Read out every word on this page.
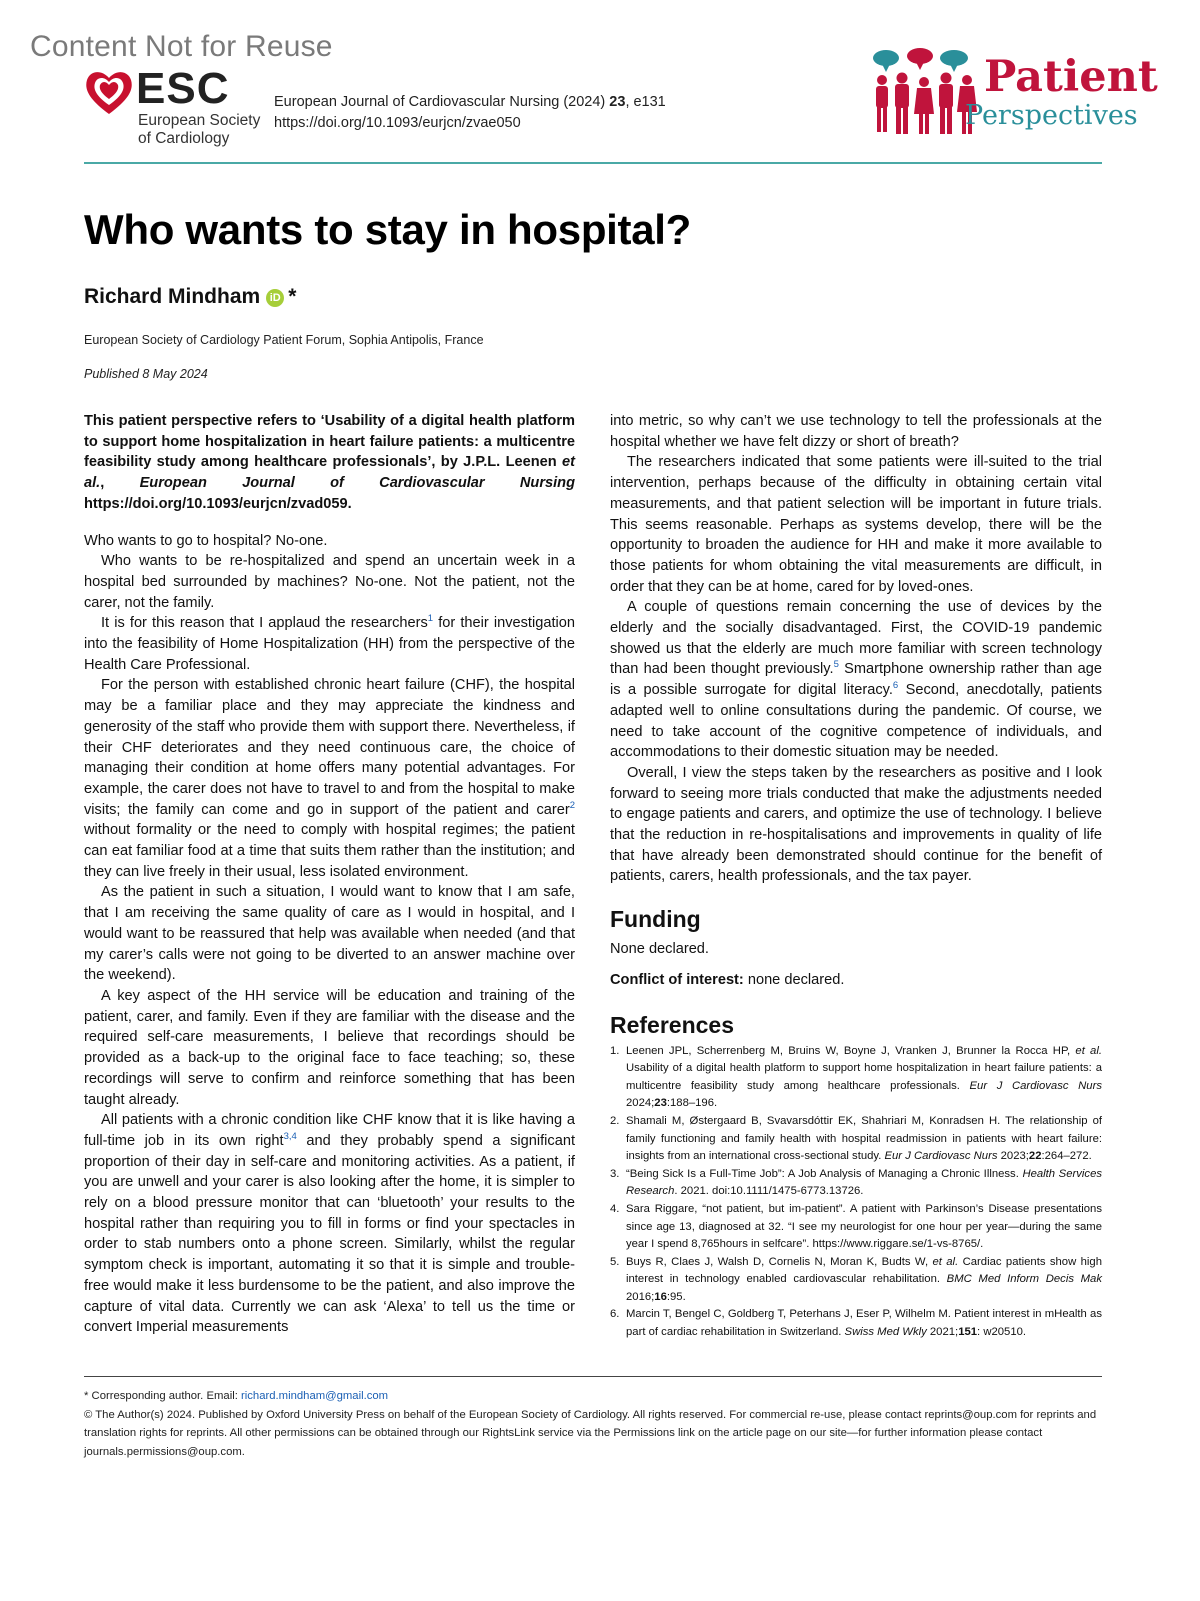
Content Not for Reuse
ESC
European Society
of Cardiology
European Journal of Cardiovascular Nursing (2024) 23, e131
https://doi.org/10.1093/eurjcn/zvae050
Patient
Perspectives
Who wants to stay in hospital?
Richard Mindham iD *
European Society of Cardiology Patient Forum, Sophia Antipolis, France
Published 8 May 2024

This patient perspective refers to ‘Usability of a digital health platform to support home hospitalization in heart failure patients: a multicentre feasibility study among healthcare professionals’, by J.P.L. Leenen et al., European Journal of Cardiovascular Nursing https://doi.org/10.1093/eurjcn/zvad059.

Who wants to go to hospital? No-one.

Who wants to be re-hospitalized and spend an uncertain week in a hospital bed surrounded by machines? No-one. Not the patient, not the carer, not the family.

It is for this reason that I applaud the researchers$^1$ for their investigation into the feasibility of Home Hospitalization (HH) from the perspective of the Health Care Professional.

For the person with established chronic heart failure (CHF), the hospital may be a familiar place and they may appreciate the kindness and generosity of the staff who provide them with support there. Nevertheless, if their CHF deteriorates and they need continuous care, the choice of managing their condition at home offers many potential advantages. For example, the carer does not have to travel to and from the hospital to make visits; the family can come and go in support of the patient and carer$^2$ without formality or the need to comply with hospital regimes; the patient can eat familiar food at a time that suits them rather than the institution; and they can live freely in their usual, less isolated environment.

As the patient in such a situation, I would want to know that I am safe, that I am receiving the same quality of care as I would in hospital, and I would want to be reassured that help was available when needed (and that my carer’s calls were not going to be diverted to an answer machine over the weekend).

A key aspect of the HH service will be education and training of the patient, carer, and family. Even if they are familiar with the disease and the required self-care measurements, I believe that recordings should be provided as a back-up to the original face to face teaching; so, these recordings will serve to confirm and reinforce something that has been taught already.

All patients with a chronic condition like CHF know that it is like having a full-time job in its own right$^{3,4}$ and they probably spend a significant proportion of their day in self-care and monitoring activities. As a patient, if you are unwell and your carer is also looking after the home, it is simpler to rely on a blood pressure monitor that can ‘bluetooth’ your results to the hospital rather than requiring you to fill in forms or find your spectacles in order to stab numbers onto a phone screen. Similarly, whilst the regular symptom check is important, automating it so that it is simple and trouble-free would make it less burdensome to be the patient, and also improve the capture of vital data. Currently we can ask ‘Alexa’ to tell us the time or convert Imperial measurements

into metric, so why can’t we use technology to tell the professionals at the hospital whether we have felt dizzy or short of breath?

The researchers indicated that some patients were ill-suited to the trial intervention, perhaps because of the difficulty in obtaining certain vital measurements, and that patient selection will be important in future trials. This seems reasonable. Perhaps as systems develop, there will be the opportunity to broaden the audience for HH and make it more available to those patients for whom obtaining the vital measurements are difficult, in order that they can be at home, cared for by loved-ones.

A couple of questions remain concerning the use of devices by the elderly and the socially disadvantaged. First, the COVID-19 pandemic showed us that the elderly are much more familiar with screen technology than had been thought previously.$^5$ Smartphone ownership rather than age is a possible surrogate for digital literacy.$^6$ Second, anecdotally, patients adapted well to online consultations during the pandemic. Of course, we need to take account of the cognitive competence of individuals, and accommodations to their domestic situation may be needed.

Overall, I view the steps taken by the researchers as positive and I look forward to seeing more trials conducted that make the adjustments needed to engage patients and carers, and optimize the use of technology. I believe that the reduction in re-hospitalisations and improvements in quality of life that have already been demonstrated should continue for the benefit of patients, carers, health professionals, and the tax payer.

Funding

None declared.

Conflict of interest: none declared.

References

1. Leenen JPL, Scherrenberg M, Bruins W, Boyne J, Vranken J, Brunner la Rocca HP, et al. Usability of a digital health platform to support home hospitalization in heart failure patients: a multicentre feasibility study among healthcare professionals. Eur J Cardiovasc Nurs 2024;23:188–196.
2. Shamali M, Østergaard B, Svavarsdóttir EK, Shahriari M, Konradsen H. The relationship of family functioning and family health with hospital readmission in patients with heart failure: insights from an international cross-sectional study. Eur J Cardiovasc Nurs 2023;22:264–272.
3. “Being Sick Is a Full-Time Job”: A Job Analysis of Managing a Chronic Illness. Health Services Research. 2021. doi:10.1111/1475-6773.13726.
4. Sara Riggare, “not patient, but im-patient”. A patient with Parkinson’s Disease presentations since age 13, diagnosed at 32. “I see my neurologist for one hour per year—during the same year I spend 8,765hours in selfcare”. https://www.riggare.se/1-vs-8765/.
5. Buys R, Claes J, Walsh D, Cornelis N, Moran K, Budts W, et al. Cardiac patients show high interest in technology enabled cardiovascular rehabilitation. BMC Med Inform Decis Mak 2016;16:95.
6. Marcin T, Bengel C, Goldberg T, Peterhans J, Eser P, Wilhelm M. Patient interest in mHealth as part of cardiac rehabilitation in Switzerland. Swiss Med Wkly 2021;151: w20510.
* Corresponding author. Email: richard.mindham@gmail.com
© The Author(s) 2024. Published by Oxford University Press on behalf of the European Society of Cardiology. All rights reserved. For commercial re-use, please contact reprints@oup.com for reprints and translation rights for reprints. All other permissions can be obtained through our RightsLink service via the Permissions link on the article page on our site—for further information please contact journals.permissions@oup.com.
